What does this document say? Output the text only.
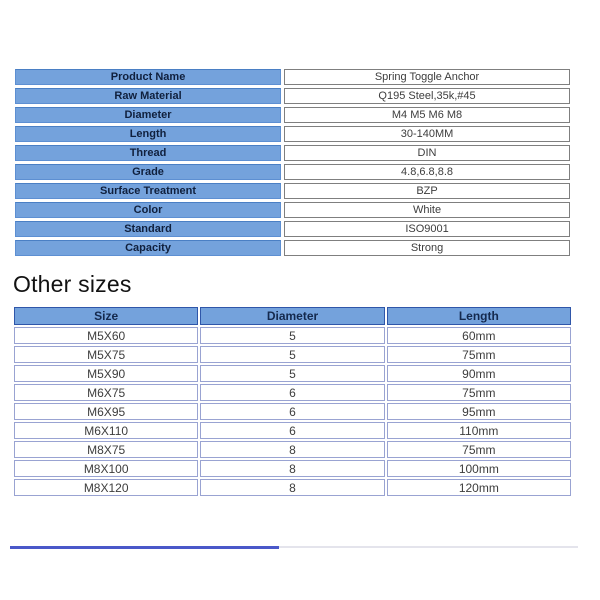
Product Name	Spring Toggle Anchor
Raw Material	Q195 Steel,35k,#45
Diameter	M4 M5 M6 M8
Length	30-140MM
Thread	DIN
Grade	4.8,6.8,8.8
Surface Treatment	BZP
Color	White
Standard	ISO9001
Capacity	Strong
Other sizes
Size	Diameter	Length
M5X60	5	60mm
M5X75	5	75mm
M5X90	5	90mm
M6X75	6	75mm
M6X95	6	95mm
M6X110	6	110mm
M8X75	8	75mm
M8X100	8	100mm
M8X120	8	120mm
